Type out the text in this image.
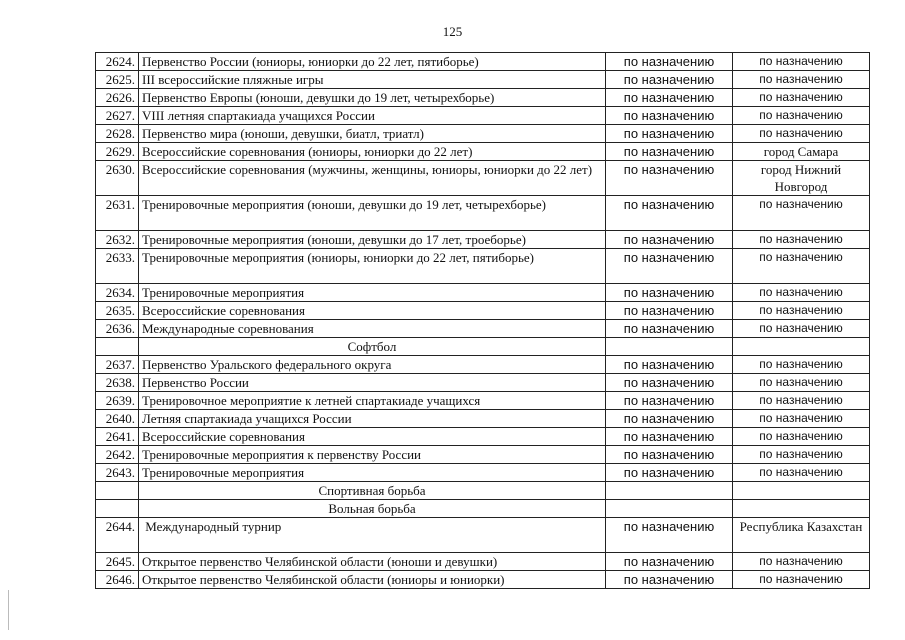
125
2624.	Первенство России (юниоры, юниорки до 22 лет, пятиборье)	по назначению	по назначению
2625.	III всероссийские пляжные игры	по назначению	по назначению
2626.	Первенство Европы (юноши, девушки до 19 лет, четырехборье)	по назначению	по назначению
2627.	VIII летняя спартакиада учащихся России	по назначению	по назначению
2628.	Первенство мира (юноши, девушки, биатл, триатл)	по назначению	по назначению
2629.	Всероссийские соревнования (юниоры, юниорки до 22 лет)	по назначению	город Самара
2630.	Всероссийские соревнования (мужчины, женщины, юниоры, юниорки до 22 лет)	по назначению	город Нижний Новгород
2631.	Тренировочные мероприятия (юноши, девушки до 19 лет, четырехборье)	по назначению	по назначению
2632.	Тренировочные мероприятия (юноши, девушки до 17 лет, троеборье)	по назначению	по назначению
2633.	Тренировочные мероприятия (юниоры, юниорки до 22 лет, пятиборье)	по назначению	по назначению
2634.	Тренировочные мероприятия	по назначению	по назначению
2635.	Всероссийские соревнования	по назначению	по назначению
2636.	Международные соревнования	по назначению	по назначению
	Софтбол		
2637.	Первенство Уральского федерального округа	по назначению	по назначению
2638.	Первенство России	по назначению	по назначению
2639.	Тренировочное мероприятие к летней спартакиаде учащихся	по назначению	по назначению
2640.	Летняя спартакиада учащихся России	по назначению	по назначению
2641.	Всероссийские соревнования	по назначению	по назначению
2642.	Тренировочные мероприятия к первенству России	по назначению	по назначению
2643.	Тренировочные мероприятия	по назначению	по назначению
	Спортивная борьба		
	Вольная борьба		
2644.	Международный турнир	по назначению	Республика Казахстан
2645.	Открытое первенство Челябинской области (юноши и девушки)	по назначению	по назначению
2646.	Открытое первенство Челябинской области (юниоры и юниорки)	по назначению	по назначению
